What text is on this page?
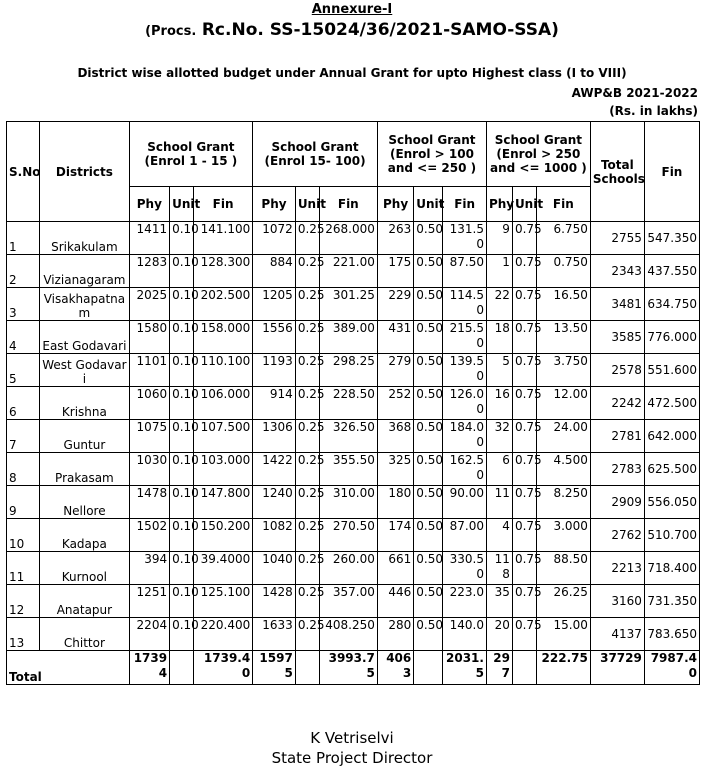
Annexure-I
(Procs. Rc.No. SS-15024/36/2021-SAMO-SSA)
District wise allotted budget under Annual Grant for upto Highest class (I to VIII)
AWP&B 2021-2022
(Rs. in lakhs)
S.No	Districts	School Grant (Enrol 1 - 15 )			School Grant (Enrol 15- 100)			School Grant (Enrol > 100 and <= 250 )			School Grant (Enrol > 250 and <= 1000 )			Total Schools	Fin
		Phy	Unit	Fin	Phy	Unit	Fin	Phy	Unit	Fin	Phy	Unit	Fin		
1	Srikakulam	1411	0.10	141.100	1072	0.25	268.000	263	0.50	131.50	9	0.75	6.750	2755	547.350
2	Vizianagaram	1283	0.10	128.300	884	0.25	221.00	175	0.50	87.50	1	0.75	0.750	2343	437.550
3	Visakhapatnam	2025	0.10	202.500	1205	0.25	301.25	229	0.50	114.50	22	0.75	16.50	3481	634.750
4	East Godavari	1580	0.10	158.000	1556	0.25	389.00	431	0.50	215.50	18	0.75	13.50	3585	776.000
5	West Godavari	1101	0.10	110.100	1193	0.25	298.25	279	0.50	139.50	5	0.75	3.750	2578	551.600
6	Krishna	1060	0.10	106.000	914	0.25	228.50	252	0.50	126.00	16	0.75	12.00	2242	472.500
7	Guntur	1075	0.10	107.500	1306	0.25	326.50	368	0.50	184.00	32	0.75	24.00	2781	642.000
8	Prakasam	1030	0.10	103.000	1422	0.25	355.50	325	0.50	162.50	6	0.75	4.500	2783	625.500
9	Nellore	1478	0.10	147.800	1240	0.25	310.00	180	0.50	90.00	11	0.75	8.250	2909	556.050
10	Kadapa	1502	0.10	150.200	1082	0.25	270.50	174	0.50	87.00	4	0.75	3.000	2762	510.700
11	Kurnool	394	0.10	39.4000	1040	0.25	260.00	661	0.50	330.50	118	0.75	88.50	2213	718.400
12	Anatapur	1251	0.10	125.100	1428	0.25	357.00	446	0.50	223.0	35	0.75	26.25	3160	731.350
13	Chittor	2204	0.10	220.400	1633	0.25	408.250	280	0.50	140.0	20	0.75	15.00	4137	783.650
Total		17394		1739.40	15975		3993.75	4063		2031.5	297		222.75	37729	7987.40
K Vetriselvi
State Project Director
